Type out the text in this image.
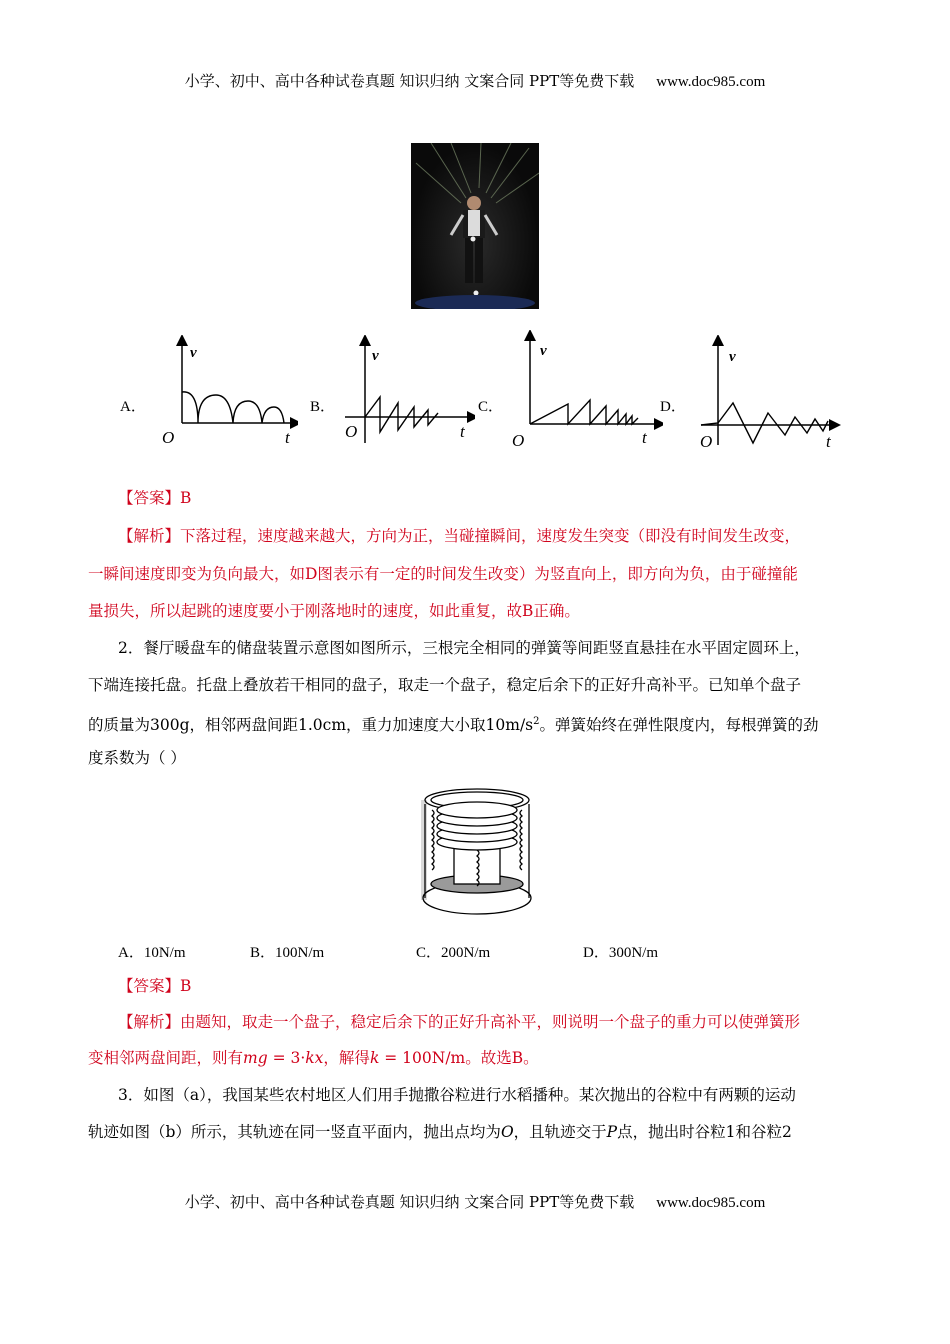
小学、初中、高中各种试卷真题 知识归纳 文案合同 PPT等免费下载 www.doc985.com
A．
v
O	t
B．
v
O	t
C．
v
O	t
D．
v
O	t
【答案】B
【解析】下落过程，速度越来越大，方向为正，当碰撞瞬间，速度发生突变（即没有时间发生改变，
一瞬间速度即变为负向最大，如D图表示有一定的时间发生改变）为竖直向上，即方向为负，由于碰撞能
量损失，所以起跳的速度要小于刚落地时的速度，如此重复，故B正确。
2．餐厅暖盘车的储盘装置示意图如图所示，三根完全相同的弹簧等间距竖直悬挂在水平固定圆环上，
下端连接托盘。托盘上叠放若干相同的盘子，取走一个盘子，稳定后余下的正好升高补平。已知单个盘子
的质量为300g，相邻两盘间距1.0cm，重力加速度大小取$10m/s^2$。弹簧始终在弹性限度内，每根弹簧的劲
度系数为（ ）
A．10N/m	B．100N/m	C．200N/m	D．300N/m
【答案】B
【解析】由题知，取走一个盘子，稳定后余下的正好升高补平，则说明一个盘子的重力可以使弹簧形
变相邻两盘间距，则有mg = 3·kx，解得k = 100N/m。故选B。
3．如图（a），我国某些农村地区人们用手抛撒谷粒进行水稻播种。某次抛出的谷粒中有两颗的运动
轨迹如图（b）所示，其轨迹在同一竖直平面内，抛出点均为O，且轨迹交于P点，抛出时谷粒1和谷粒2
小学、初中、高中各种试卷真题 知识归纳 文案合同 PPT等免费下载 www.doc985.com
